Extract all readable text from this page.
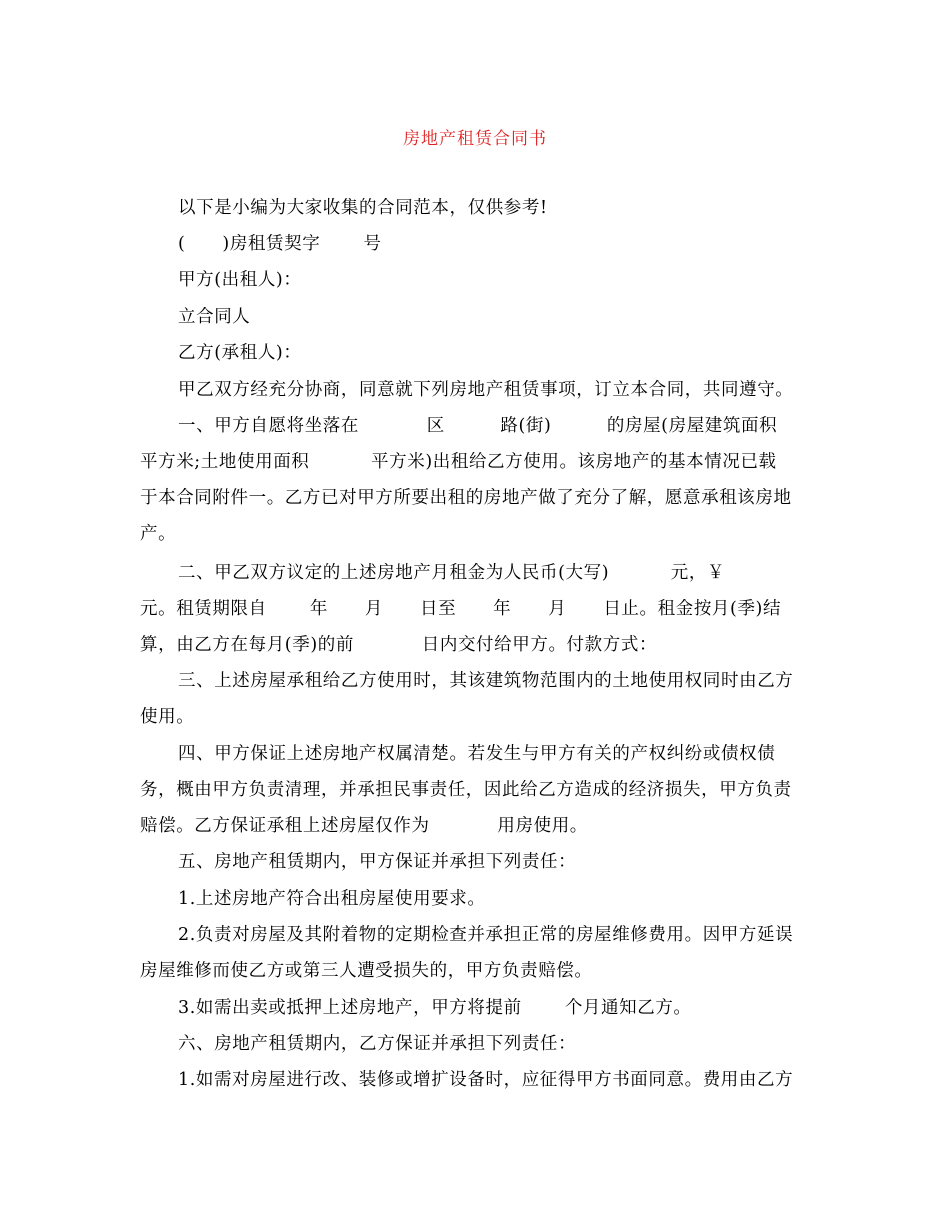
房地产租赁合同书
以下是小编为大家收集的合同范本，仅供参考!
(      )房租赁契字       号
甲方(出租人)：
立合同人
乙方(承租人)：
甲乙双方经充分协商，同意就下列房地产租赁事项，订立本合同，共同遵守。
一、甲方自愿将坐落在           区         路(街)         的房屋(房屋建筑面积
平方米;土地使用面积          平方米)出租给乙方使用。该房地产的基本情况已载
于本合同附件一。乙方已对甲方所要出租的房地产做了充分了解，愿意承租该房地
产。
二、甲乙双方议定的上述房地产月租金为人民币(大写)          元，￥
元。租赁期限自       年      月      日至      年      月      日止。租金按月(季)结
算，由乙方在每月(季)的前           日内交付给甲方。付款方式：
三、上述房屋承租给乙方使用时，其该建筑物范围内的土地使用权同时由乙方
使用。
四、甲方保证上述房地产权属清楚。若发生与甲方有关的产权纠纷或债权债
务，概由甲方负责清理，并承担民事责任，因此给乙方造成的经济损失，甲方负责
赔偿。乙方保证承租上述房屋仅作为           用房使用。
五、房地产租赁期内，甲方保证并承担下列责任：
1.上述房地产符合出租房屋使用要求。
2.负责对房屋及其附着物的定期检查并承担正常的房屋维修费用。因甲方延误
房屋维修而使乙方或第三人遭受损失的，甲方负责赔偿。
3.如需出卖或抵押上述房地产，甲方将提前       个月通知乙方。
六、房地产租赁期内，乙方保证并承担下列责任：
1.如需对房屋进行改、装修或增扩设备时，应征得甲方书面同意。费用由乙方
